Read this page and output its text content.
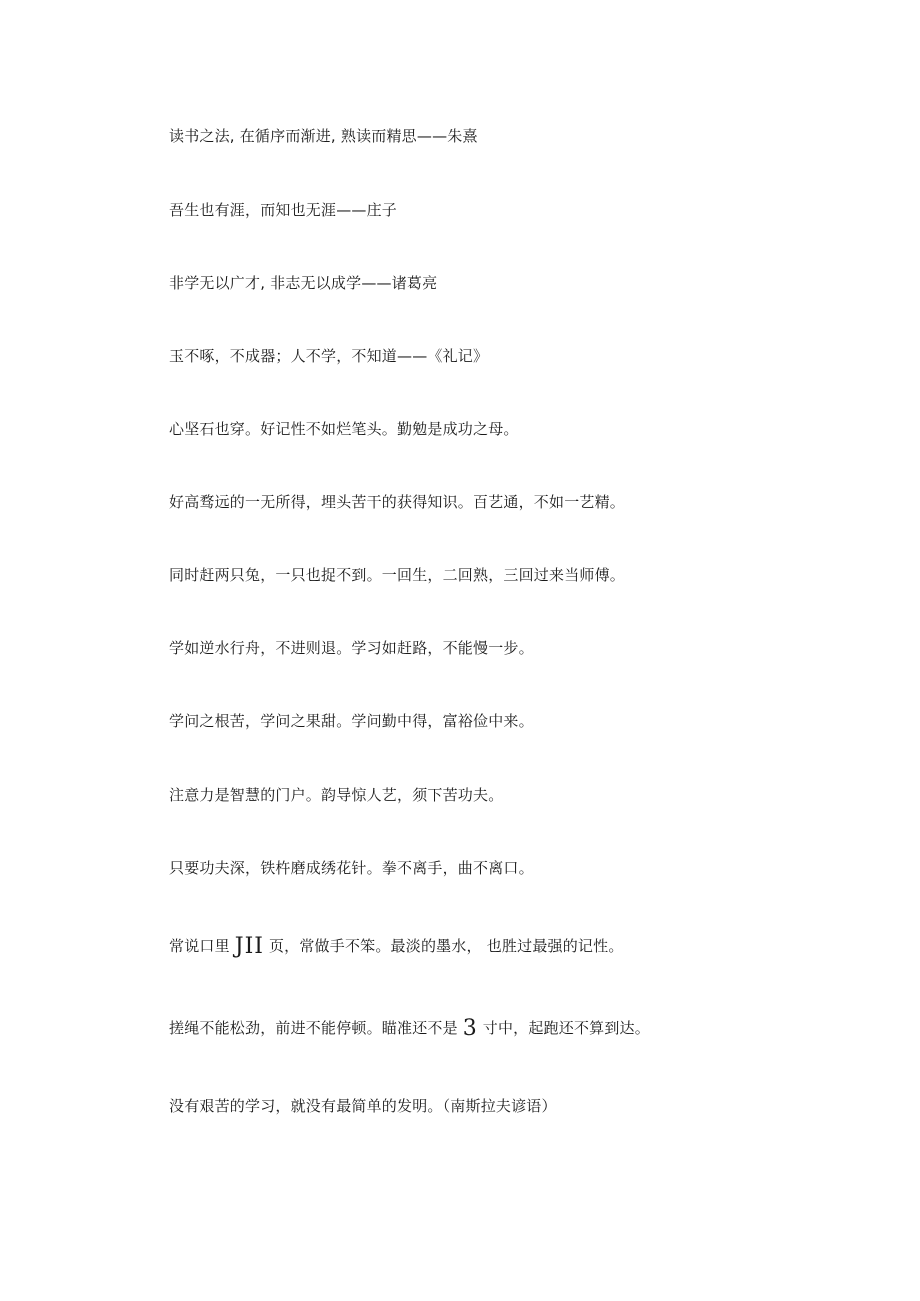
读书之法, 在循序而渐进, 熟读而精思——朱熹
吾生也有涯，而知也无涯——庄子
非学无以广才, 非志无以成学——诸葛亮
玉不啄，不成器；人不学，不知道——《礼记》
心坚石也穿。好记性不如烂笔头。勤勉是成功之母。
好高骛远的一无所得，埋头苦干的获得知识。百艺通，不如一艺精。
同时赶两只兔，一只也捉不到。一回生，二回熟，三回过来当师傅。
学如逆水行舟，不进则退。学习如赶路，不能慢一步。
学问之根苦，学问之果甜。学问勤中得，富裕俭中来。
注意力是智慧的门户。韵导惊人艺，须下苦功夫。
只要功夫深，铁杵磨成绣花针。拳不离手，曲不离口。
常说口里 JII 页，常做手不笨。最淡的墨水， 也胜过最强的记性。
搓绳不能松劲，前进不能停顿。瞄准还不是 3 寸中，起跑还不算到达。
没有艰苦的学习，就没有最简单的发明。（南斯拉夫谚语）
